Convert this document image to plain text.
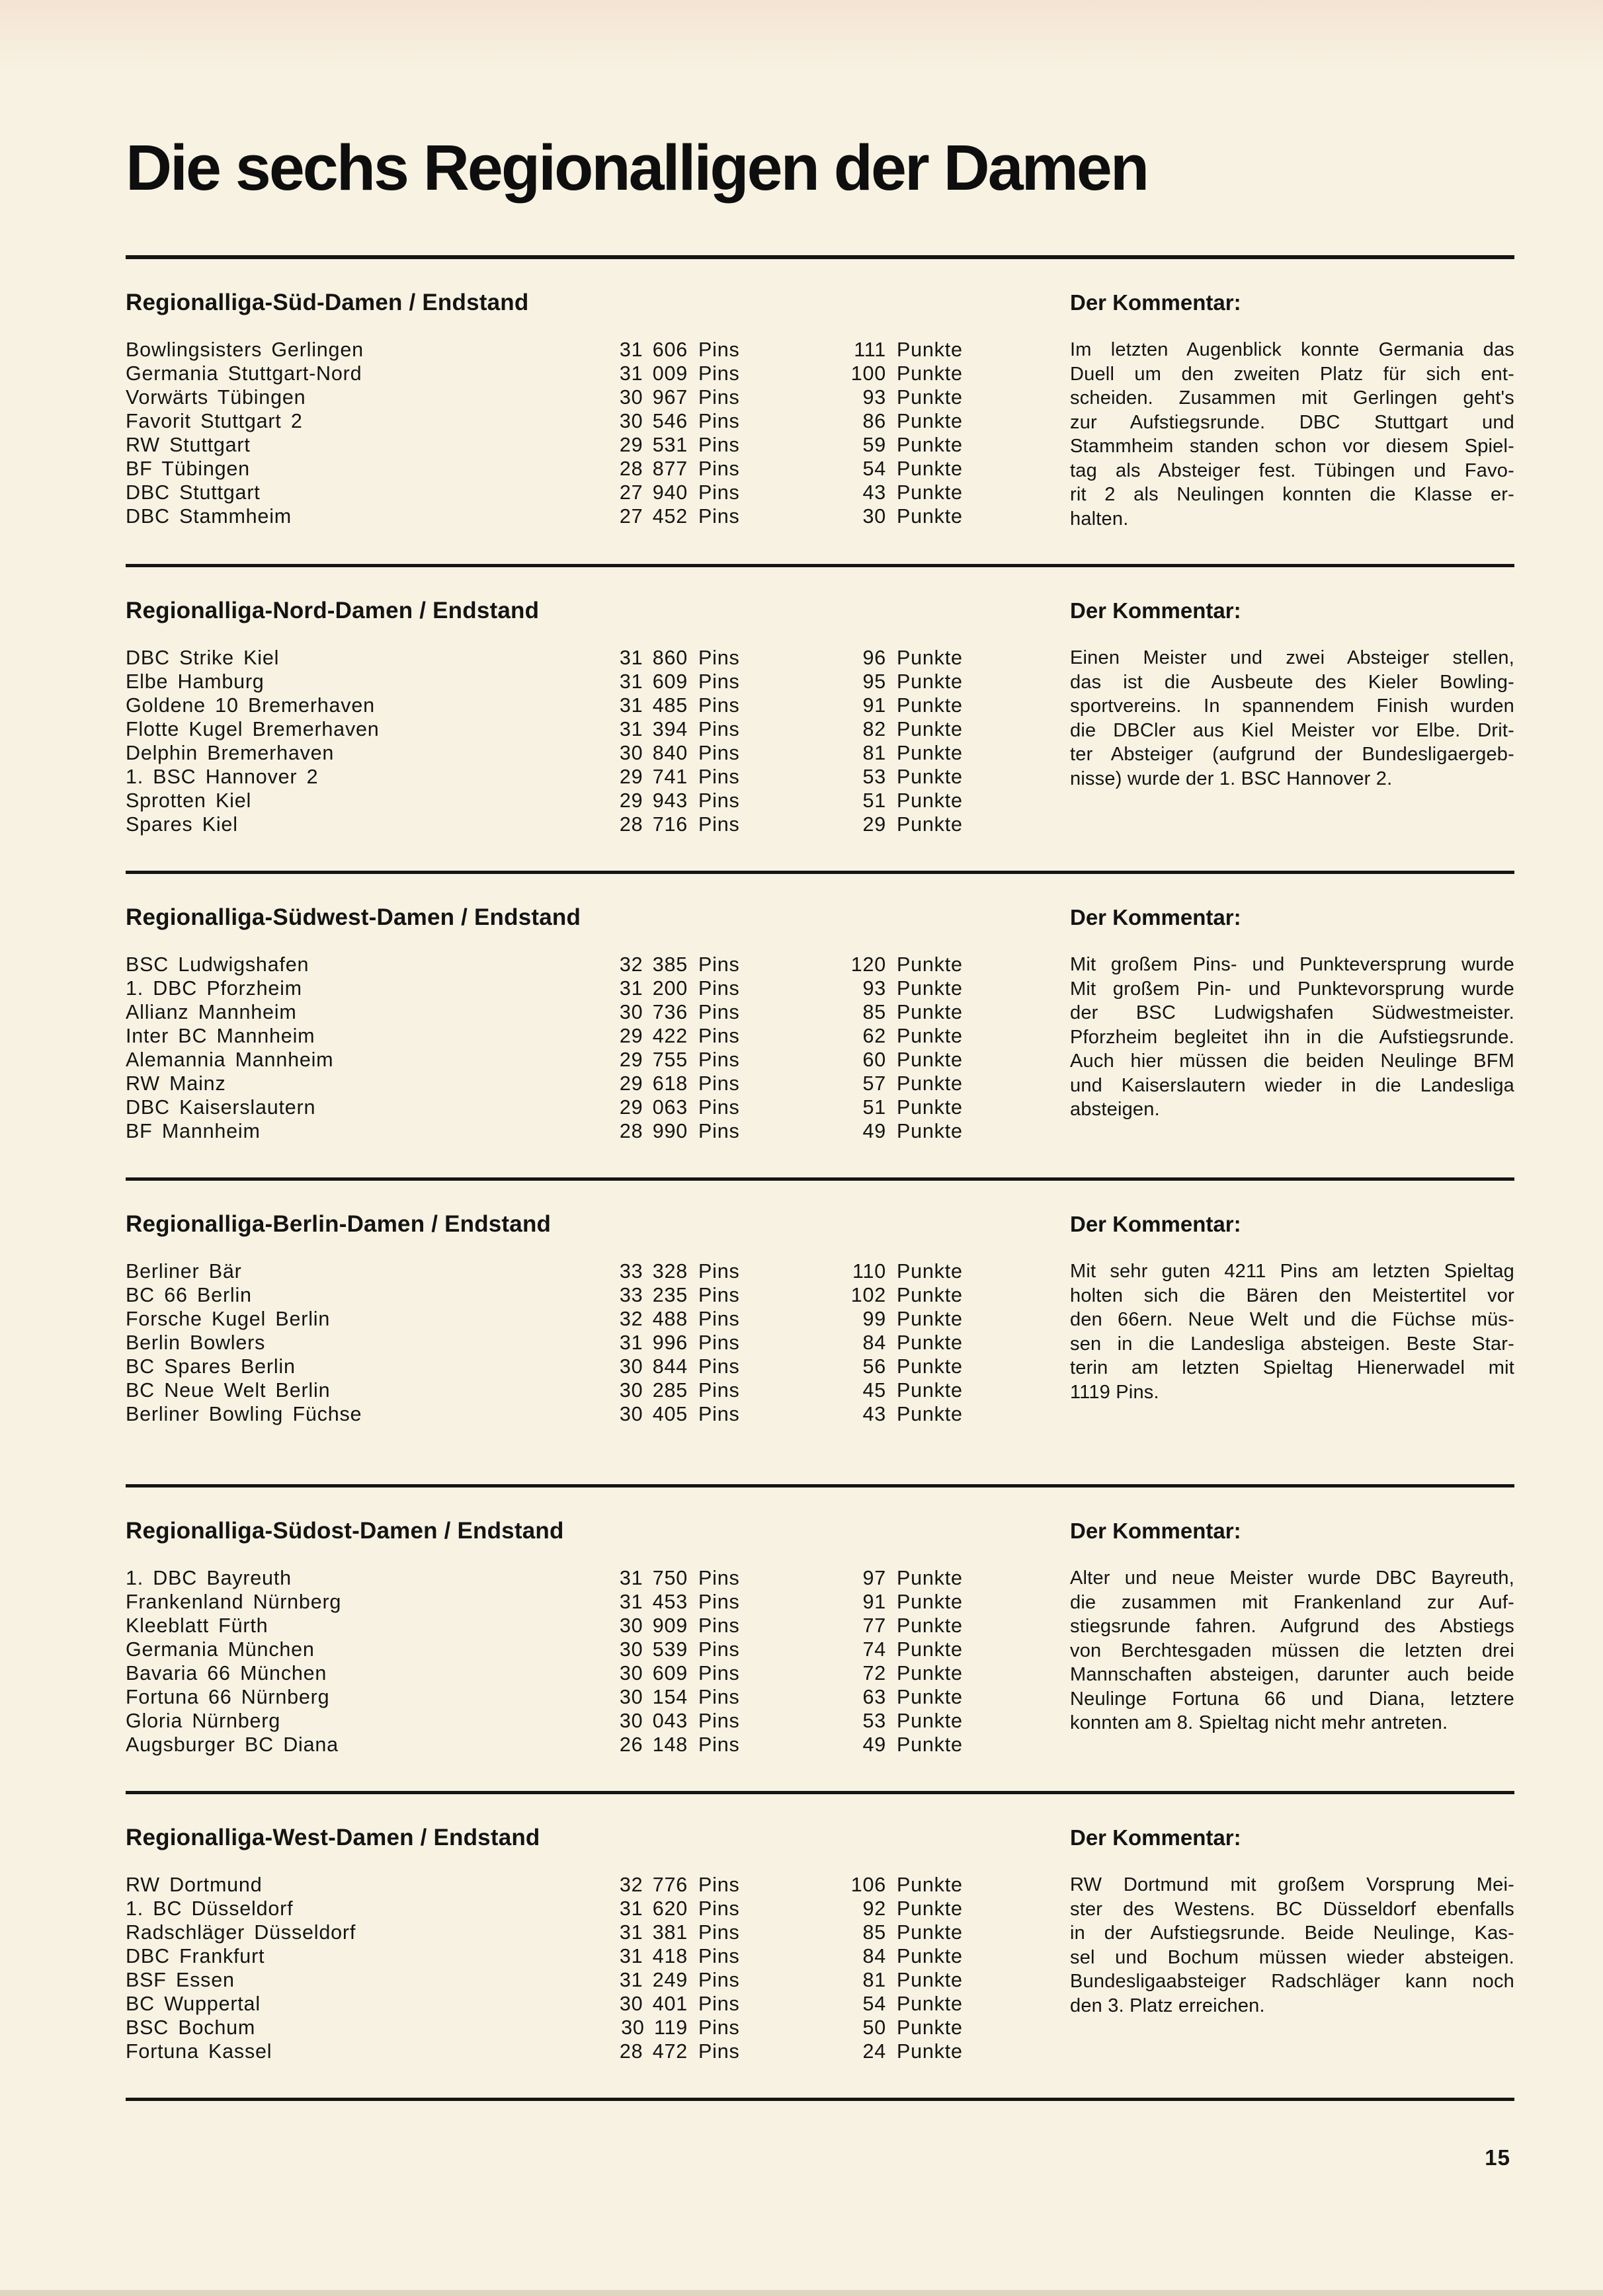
Die sechs Regionalligen der Damen
Regionalliga-Süd-Damen / Endstand	Der Kommentar:
Bowlingsisters Gerlingen	31 606 Pins	111 Punkte
Germania Stuttgart-Nord	31 009 Pins	100 Punkte
Vorwärts Tübingen	30 967 Pins	93 Punkte
Favorit Stuttgart 2	30 546 Pins	86 Punkte
RW Stuttgart	29 531 Pins	59 Punkte
BF Tübingen	28 877 Pins	54 Punkte
DBC Stuttgart	27 940 Pins	43 Punkte
DBC Stammheim	27 452 Pins	30 Punkte
Im letzten Augenblick konnte Germania das
Duell um den zweiten Platz für sich ent-
scheiden. Zusammen mit Gerlingen geht's
zur Aufstiegsrunde. DBC Stuttgart und
Stammheim standen schon vor diesem Spiel-
tag als Absteiger fest. Tübingen und Favo-
rit 2 als Neulingen konnten die Klasse er-
halten.
Regionalliga-Nord-Damen / Endstand	Der Kommentar:
DBC Strike Kiel	31 860 Pins	96 Punkte
Elbe Hamburg	31 609 Pins	95 Punkte
Goldene 10 Bremerhaven	31 485 Pins	91 Punkte
Flotte Kugel Bremerhaven	31 394 Pins	82 Punkte
Delphin Bremerhaven	30 840 Pins	81 Punkte
1. BSC Hannover 2	29 741 Pins	53 Punkte
Sprotten Kiel	29 943 Pins	51 Punkte
Spares Kiel	28 716 Pins	29 Punkte
Einen Meister und zwei Absteiger stellen,
das ist die Ausbeute des Kieler Bowling-
sportvereins. In spannendem Finish wurden
die DBCler aus Kiel Meister vor Elbe. Drit-
ter Absteiger (aufgrund der Bundesligaergeb-
nisse) wurde der 1. BSC Hannover 2.
Regionalliga-Südwest-Damen / Endstand	Der Kommentar:
BSC Ludwigshafen	32 385 Pins	120 Punkte
1. DBC Pforzheim	31 200 Pins	93 Punkte
Allianz Mannheim	30 736 Pins	85 Punkte
Inter BC Mannheim	29 422 Pins	62 Punkte
Alemannia Mannheim	29 755 Pins	60 Punkte
RW Mainz	29 618 Pins	57 Punkte
DBC Kaiserslautern	29 063 Pins	51 Punkte
BF Mannheim	28 990 Pins	49 Punkte
Mit großem Pins- und Punkteversprung wurde
Mit großem Pin- und Punktevorsprung wurde
der BSC Ludwigshafen Südwestmeister.
Pforzheim begleitet ihn in die Aufstiegsrunde.
Auch hier müssen die beiden Neulinge BFM
und Kaiserslautern wieder in die Landesliga
absteigen.
Regionalliga-Berlin-Damen / Endstand	Der Kommentar:
Berliner Bär	33 328 Pins	110 Punkte
BC 66 Berlin	33 235 Pins	102 Punkte
Forsche Kugel Berlin	32 488 Pins	99 Punkte
Berlin Bowlers	31 996 Pins	84 Punkte
BC Spares Berlin	30 844 Pins	56 Punkte
BC Neue Welt Berlin	30 285 Pins	45 Punkte
Berliner Bowling Füchse	30 405 Pins	43 Punkte
Mit sehr guten 4211 Pins am letzten Spieltag
holten sich die Bären den Meistertitel vor
den 66ern. Neue Welt und die Füchse müs-
sen in die Landesliga absteigen. Beste Star-
terin am letzten Spieltag Hienerwadel mit
1119 Pins.
Regionalliga-Südost-Damen / Endstand	Der Kommentar:
1. DBC Bayreuth	31 750 Pins	97 Punkte
Frankenland Nürnberg	31 453 Pins	91 Punkte
Kleeblatt Fürth	30 909 Pins	77 Punkte
Germania München	30 539 Pins	74 Punkte
Bavaria 66 München	30 609 Pins	72 Punkte
Fortuna 66 Nürnberg	30 154 Pins	63 Punkte
Gloria Nürnberg	30 043 Pins	53 Punkte
Augsburger BC Diana	26 148 Pins	49 Punkte
Alter und neue Meister wurde DBC Bayreuth,
die zusammen mit Frankenland zur Auf-
stiegsrunde fahren. Aufgrund des Abstiegs
von Berchtesgaden müssen die letzten drei
Mannschaften absteigen, darunter auch beide
Neulinge Fortuna 66 und Diana, letztere
konnten am 8. Spieltag nicht mehr antreten.
Regionalliga-West-Damen / Endstand	Der Kommentar:
RW Dortmund	32 776 Pins	106 Punkte
1. BC Düsseldorf	31 620 Pins	92 Punkte
Radschläger Düsseldorf	31 381 Pins	85 Punkte
DBC Frankfurt	31 418 Pins	84 Punkte
BSF Essen	31 249 Pins	81 Punkte
BC Wuppertal	30 401 Pins	54 Punkte
BSC Bochum	30 119 Pins	50 Punkte
Fortuna Kassel	28 472 Pins	24 Punkte
RW Dortmund mit großem Vorsprung Mei-
ster des Westens. BC Düsseldorf ebenfalls
in der Aufstiegsrunde. Beide Neulinge, Kas-
sel und Bochum müssen wieder absteigen.
Bundesligaabsteiger Radschläger kann noch
den 3. Platz erreichen.
15
